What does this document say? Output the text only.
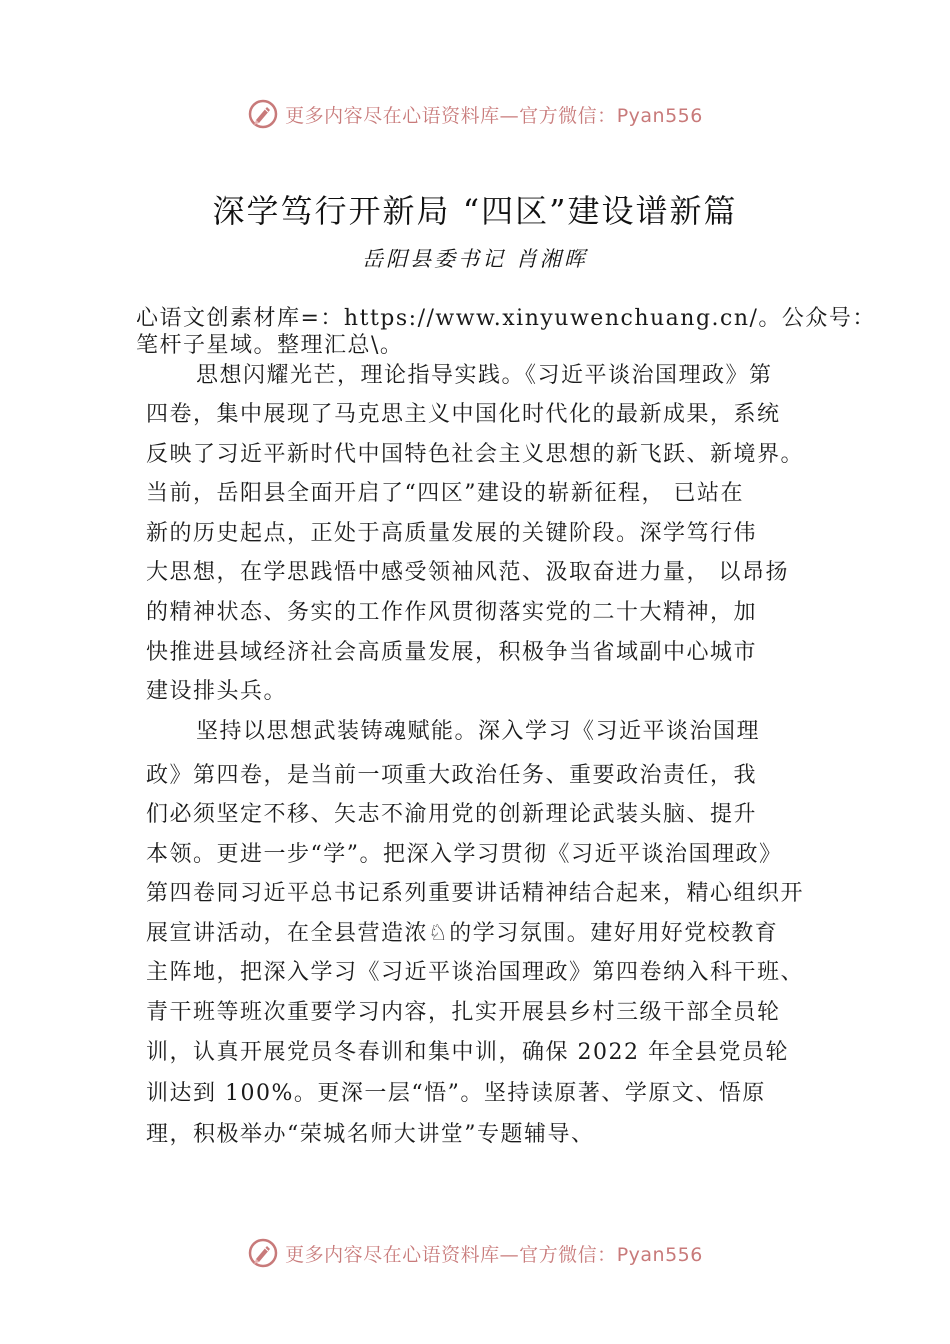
更多内容尽在心语资料库—官方微信：Pyan556
深学笃行开新局 “四区”建设谱新篇
岳阳县委书记 肖湘晖
心语文创素材库=：https://www.xinyuwenchuang.cn/。公众号：
笔杆子星域。整理汇总\。
思想闪耀光芒，理论指导实践。《习近平谈治国理政》第
四卷，集中展现了马克思主义中国化时代化的最新成果，系统
反映了习近平新时代中国特色社会主义思想的新飞跃、新境界。
当前，岳阳县全面开启了“四区”建设的崭新征程， 已站在
新的历史起点，正处于高质量发展的关键阶段。深学笃行伟
大思想，在学思践悟中感受领袖风范、汲取奋进力量， 以昂扬
的精神状态、务实的工作作风贯彻落实党的二十大精神，加
快推进县域经济社会高质量发展，积极争当省域副中心城市
建设排头兵。
坚持以思想武装铸魂赋能。深入学习《习近平谈治国理
政》第四卷，是当前一项重大政治任务、重要政治责任，我
们必须坚定不移、矢志不渝用党的创新理论武装头脑、提升
本领。更进一步“学”。把深入学习贯彻《习近平谈治国理政》
第四卷同习近平总书记系列重要讲话精神结合起来，精心组织开
展宣讲活动，在全县营造浓♘的学习氛围。建好用好党校教育
主阵地，把深入学习《习近平谈治国理政》第四卷纳入科干班、
青干班等班次重要学习内容，扎实开展县乡村三级干部全员轮
训，认真开展党员冬春训和集中训，确保 2022 年全县党员轮
训达到 100%。更深一层“悟”。坚持读原著、学原文、悟原
理，积极举办“荣城名师大讲堂”专题辅导、
更多内容尽在心语资料库—官方微信：Pyan556
